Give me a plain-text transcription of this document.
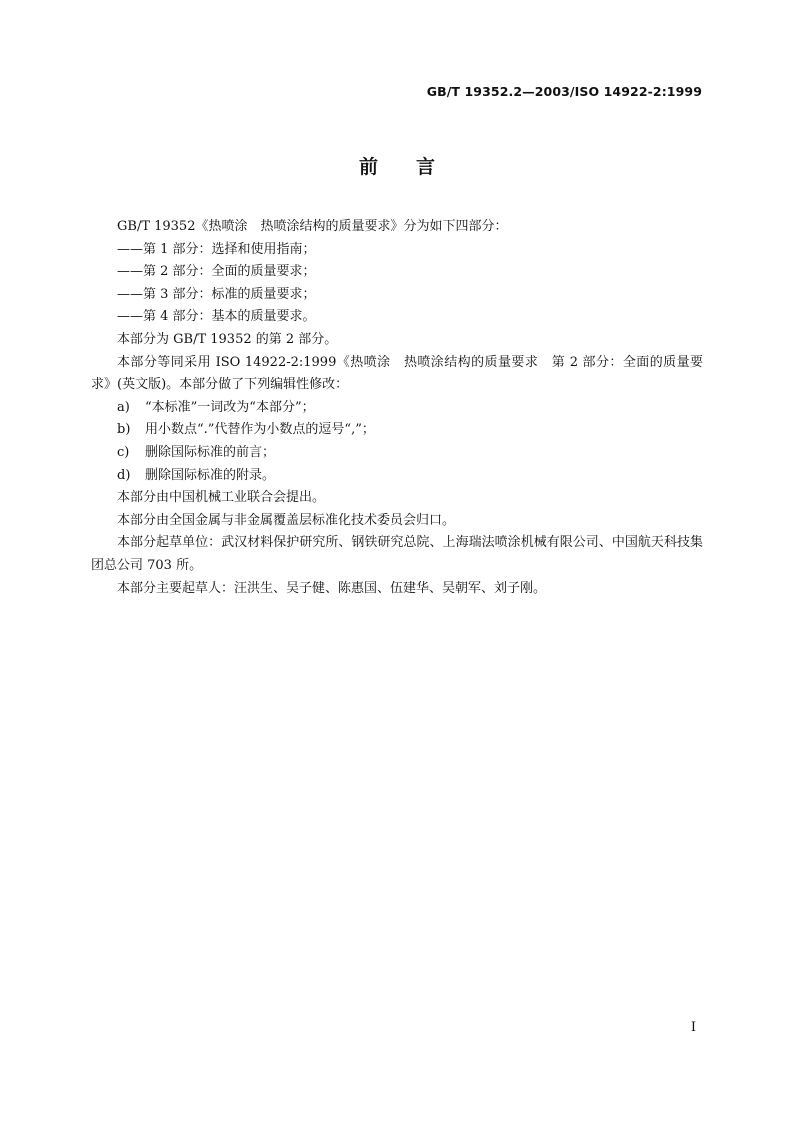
GB/T 19352.2—2003/ISO 14922-2:1999
前言

GB/T 19352《热喷涂　热喷涂结构的质量要求》分为如下四部分：

——第 1 部分：选择和使用指南；

——第 2 部分：全面的质量要求；

——第 3 部分：标准的质量要求；

——第 4 部分：基本的质量要求。

本部分为 GB/T 19352 的第 2 部分。

本部分等同采用 ISO 14922-2:1999《热喷涂　热喷涂结构的质量要求　第 2 部分：全面的质量要求》(英文版)。本部分做了下列编辑性修改：

a)	“本标准”一词改为“本部分”；

b)	用小数点“.”代替作为小数点的逗号“,”；

c)	删除国际标准的前言；

d)	删除国际标准的附录。

本部分由中国机械工业联合会提出。

本部分由全国金属与非金属覆盖层标准化技术委员会归口。

本部分起草单位：武汉材料保护研究所、钢铁研究总院、上海瑞法喷涂机械有限公司、中国航天科技集团总公司 703 所。

本部分主要起草人：汪洪生、吴子健、陈惠国、伍建华、吴朝军、刘子刚。

I
